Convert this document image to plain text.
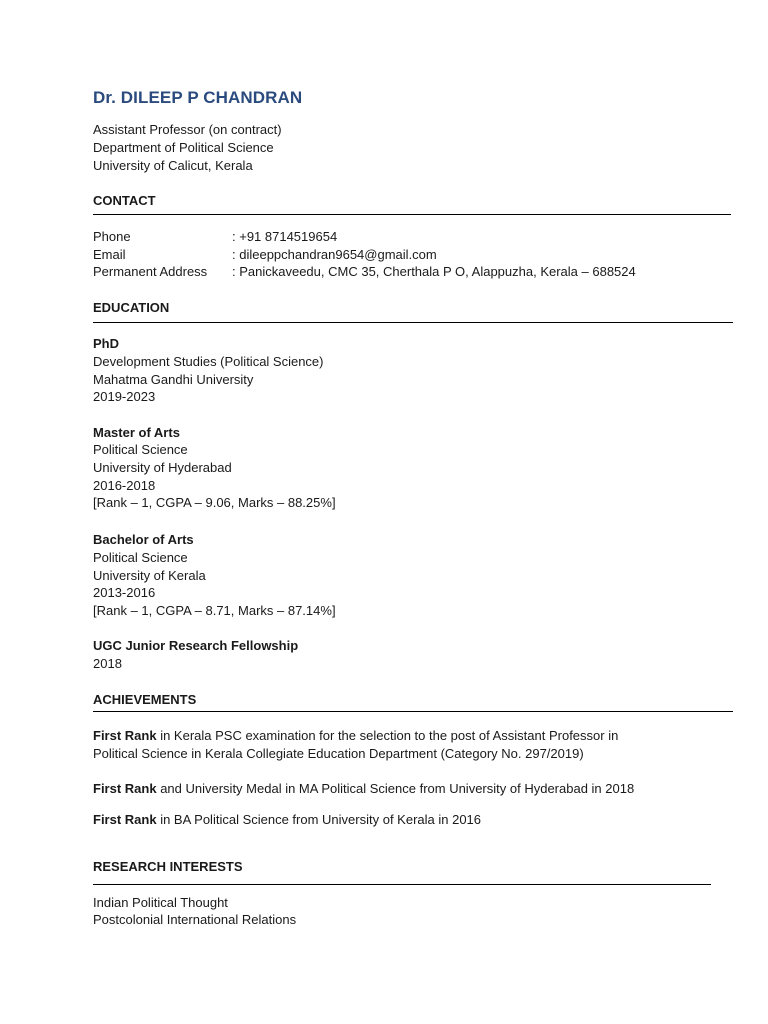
Dr. DILEEP P CHANDRAN
Assistant Professor (on contract)
Department of Political Science
University of Calicut, Kerala
CONTACT
Phone	: +91 8714519654
Email	: dileeppchandran9654@gmail.com
Permanent Address : Panickaveedu, CMC 35, Cherthala P O, Alappuzha, Kerala – 688524
EDUCATION
PhD
Development Studies (Political Science)
Mahatma Gandhi University
2019-2023
Master of Arts
Political Science
University of Hyderabad
2016-2018
[Rank – 1, CGPA – 9.06, Marks – 88.25%]
Bachelor of Arts
Political Science
University of Kerala
2013-2016
[Rank – 1, CGPA – 8.71, Marks – 87.14%]
UGC Junior Research Fellowship
2018
ACHIEVEMENTS
First Rank in Kerala PSC examination for the selection to the post of Assistant Professor in
Political Science in Kerala Collegiate Education Department (Category No. 297/2019)
First Rank and University Medal in MA Political Science from University of Hyderabad in 2018
First Rank in BA Political Science from University of Kerala in 2016
RESEARCH INTERESTS
Indian Political Thought
Postcolonial International Relations
